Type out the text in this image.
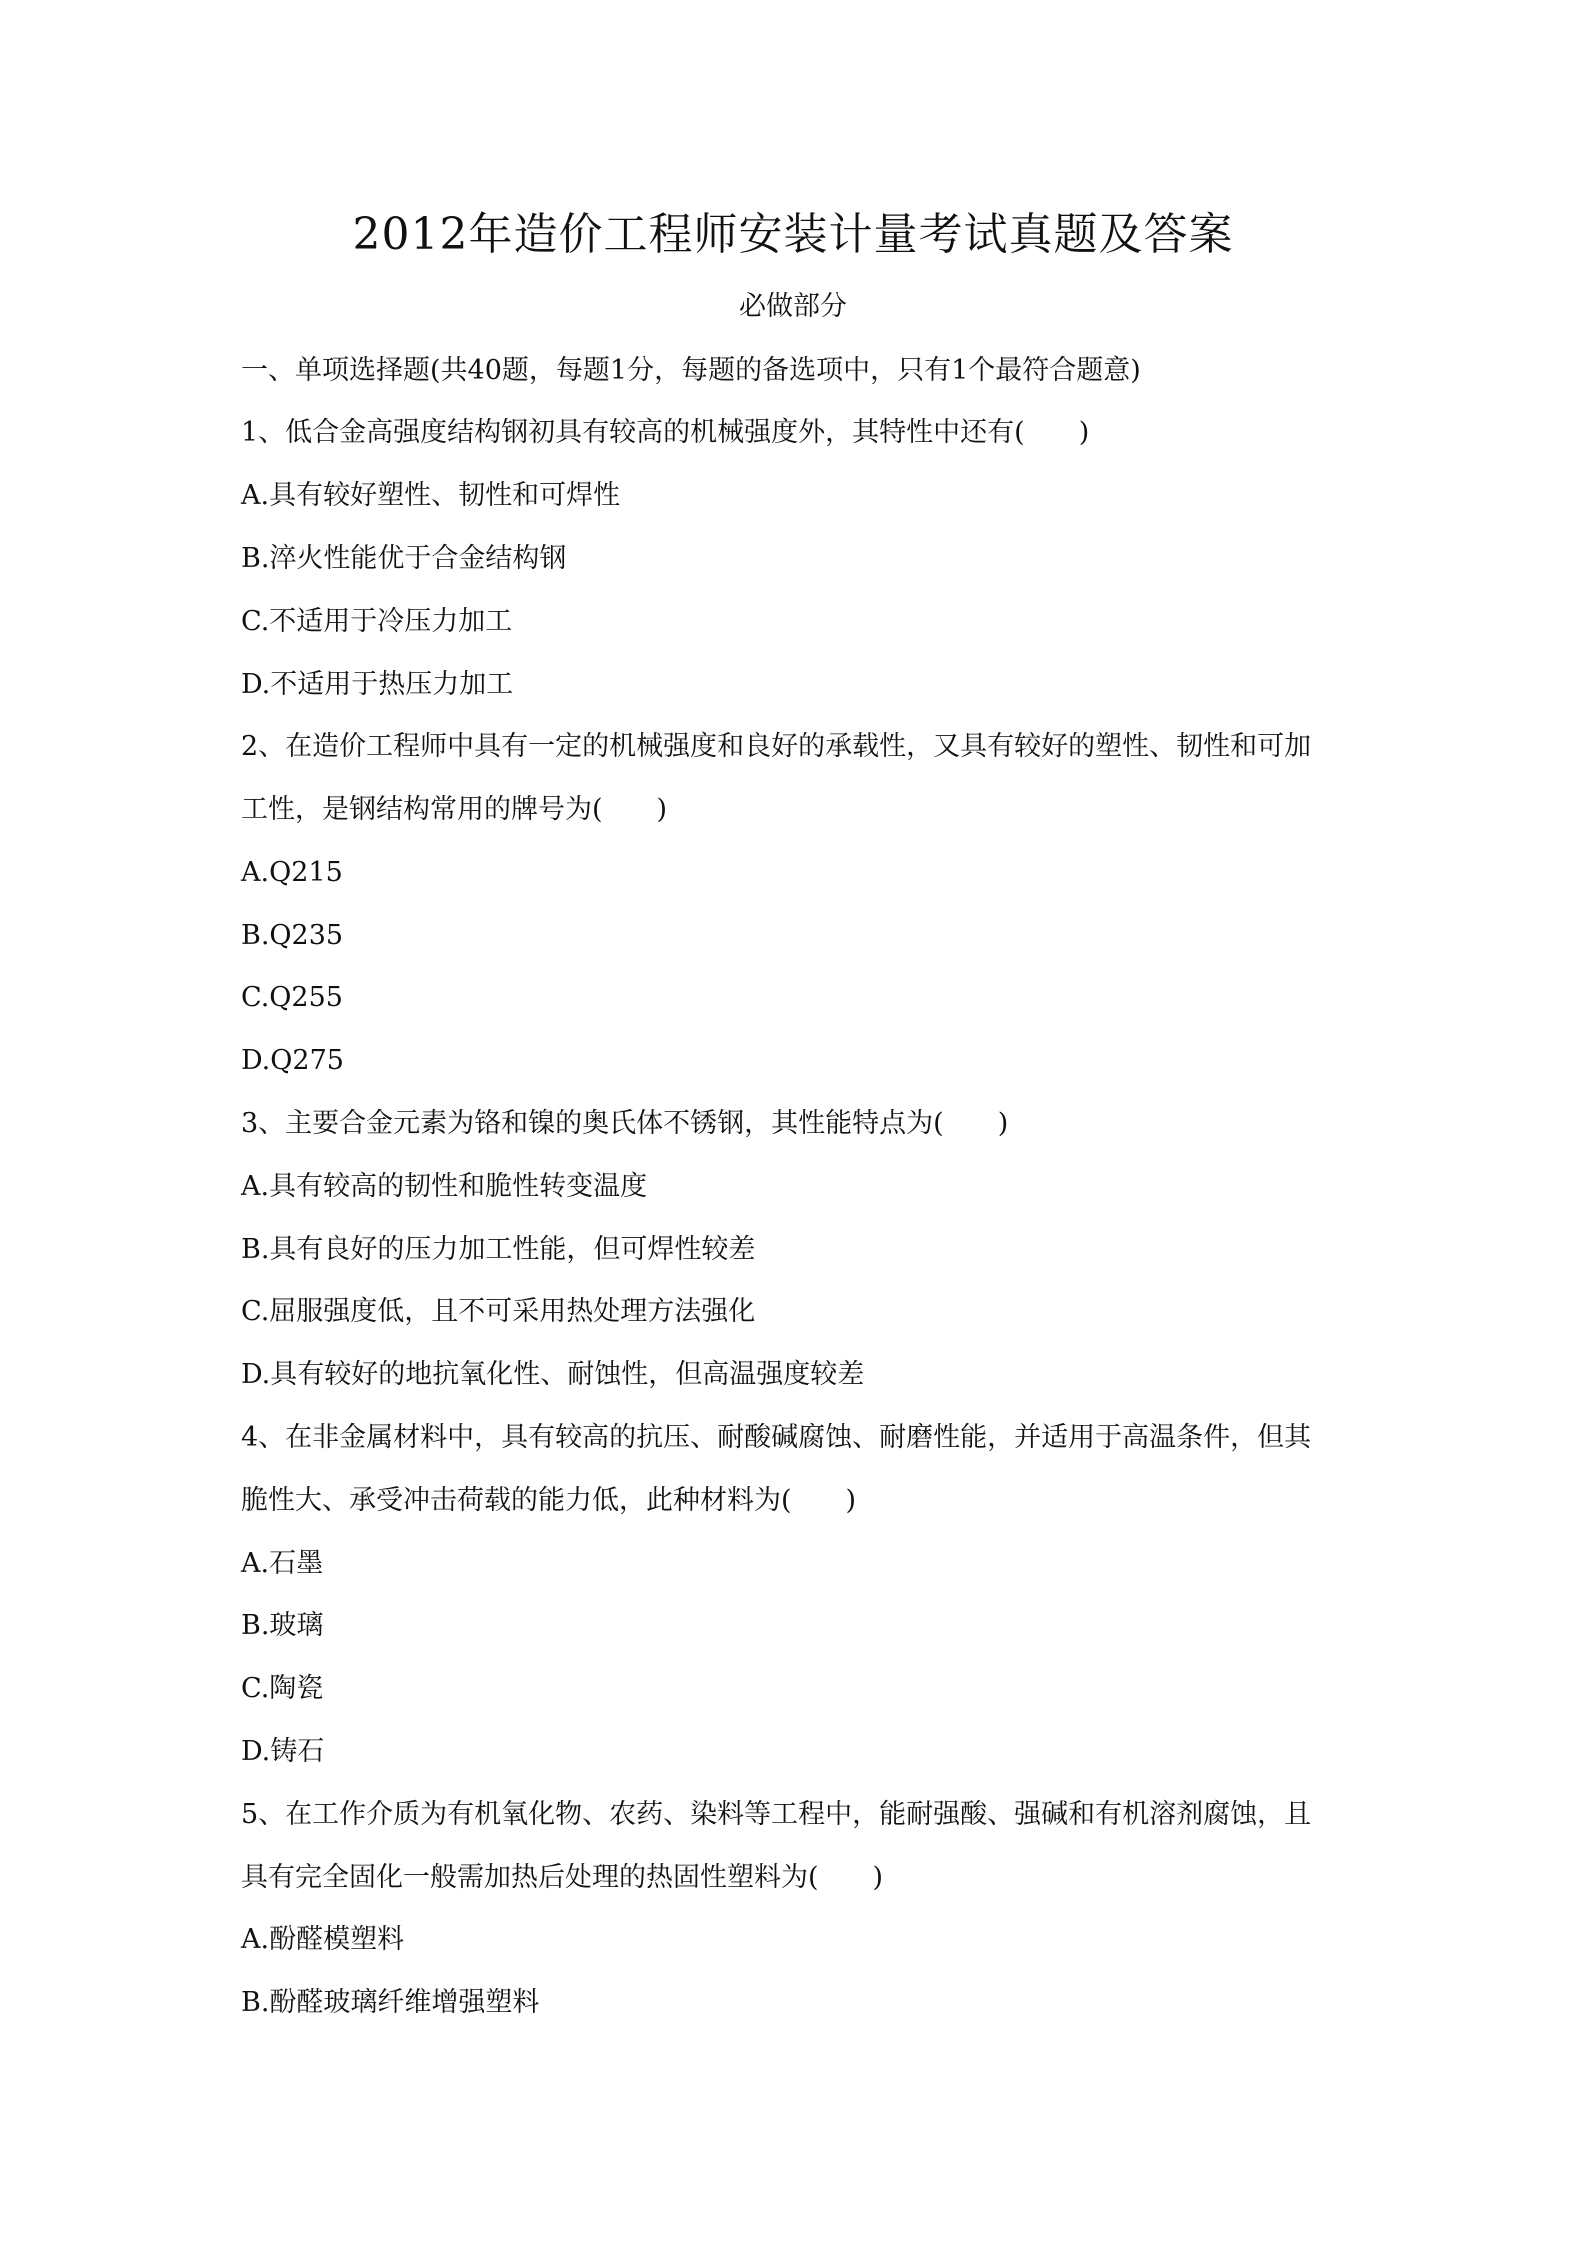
2012年造价工程师安装计量考试真题及答案
必做部分
一、单项选择题(共40题，每题1分，每题的备选项中，只有1个最符合题意)
1、低合金高强度结构钢初具有较高的机械强度外，其特性中还有(　　)
A.具有较好塑性、韧性和可焊性
B.淬火性能优于合金结构钢
C.不适用于冷压力加工
D.不适用于热压力加工
2、在造价工程师中具有一定的机械强度和良好的承载性，又具有较好的塑性、韧性和可加
工性，是钢结构常用的牌号为(　　)
A.Q215
B.Q235
C.Q255
D.Q275
3、主要合金元素为铬和镍的奥氏体不锈钢，其性能特点为(　　)
A.具有较高的韧性和脆性转变温度
B.具有良好的压力加工性能，但可焊性较差
C.屈服强度低，且不可采用热处理方法强化
D.具有较好的地抗氧化性、耐蚀性，但高温强度较差
4、在非金属材料中，具有较高的抗压、耐酸碱腐蚀、耐磨性能，并适用于高温条件，但其
脆性大、承受冲击荷载的能力低，此种材料为(　　)
A.石墨
B.玻璃
C.陶瓷
D.铸石
5、在工作介质为有机氧化物、农药、染料等工程中，能耐强酸、强碱和有机溶剂腐蚀，且
具有完全固化一般需加热后处理的热固性塑料为(　　)
A.酚醛模塑料
B.酚醛玻璃纤维增强塑料
